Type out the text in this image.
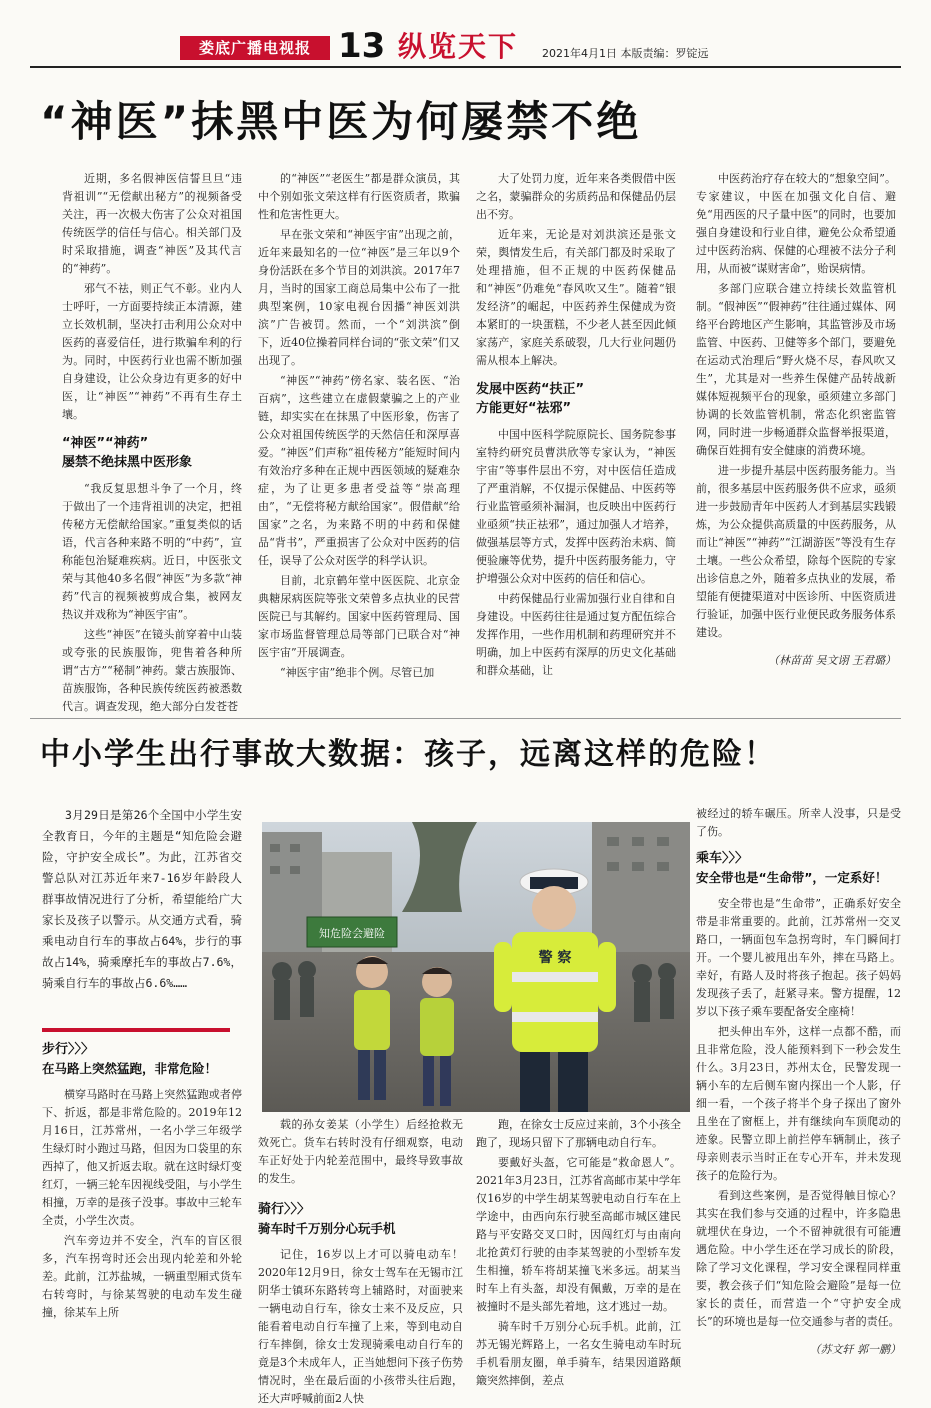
娄底广播电视报 13 纵览天下 2021年4月1日 本版责编：罗锭远
“神医”抹黑中医为何屡禁不绝

近期，多名假神医信誓旦旦“违背祖训”“无偿献出秘方”的视频备受关注，再一次极大伤害了公众对祖国传统医学的信任与信心。相关部门及时采取措施，调查“神医”及其代言的“神药”。

邪气不祛，则正气不彰。业内人士呼吁，一方面要持续正本清源，建立长效机制，坚决打击利用公众对中医药的喜爱信任，进行欺骗牟利的行为。同时，中医药行业也需不断加强自身建设，让公众身边有更多的好中医，让“神医”“神药”不再有生存土壤。

“神医”“神药”
屡禁不绝抹黑中医形象

“我反复思想斗争了一个月，终于做出了一个违背祖训的决定，把祖传秘方无偿献给国家。”重复类似的话语，代言各种来路不明的“中药”，宣称能包治疑难疾病。近日，中医张文荣与其他40多名假“神医”为多款“神药”代言的视频被剪成合集，被网友热议并戏称为“神医宇宙”。

这些“神医”在镜头前穿着中山装或夸张的民族服饰，兜售着各种所谓“古方”“秘制”神药。蒙古族服饰、苗族服饰，各种民族传统医药被悉数代言。调查发现，绝大部分白发苍苍

的“神医”“老医生”都是群众演员，其中个别如张文荣这样有行医资质者，欺骗性和危害性更大。

早在张文荣和“神医宇宙”出现之前，近年来最知名的一位“神医”是三年以9个身份活跃在多个节目的刘洪滨。2017年7月，当时的国家工商总局集中公布了一批典型案例，10家电视台因播“神医刘洪滨”广告被罚。然而，一个“刘洪滨”倒下，近40位操着同样台词的“张文荣”们又出现了。

“神医”“神药”傍名家、装名医、“治百病”，这些建立在虚假蒙骗之上的产业链，却实实在在抹黑了中医形象，伤害了公众对祖国传统医学的天然信任和深厚喜爱。“神医”们声称“祖传秘方”能短时间内有效治疗多种在正规中西医领域的疑难杂症，为了让更多患者受益等“崇高理由”，“无偿将秘方献给国家”。假借献“给国家”之名，为来路不明的中药和保健品“背书”，严重损害了公众对中医药的信任，误导了公众对医学的科学认识。

目前，北京鹤年堂中医医院、北京金典糖尿病医院等张文荣曾多点执业的民营医院已与其解约。国家中医药管理局、国家市场监督管理总局等部门已联合对“神医宇宙”开展调查。

“神医宇宙”绝非个例。尽管已加

大了处罚力度，近年来各类假借中医之名，蒙骗群众的劣质药品和保健品仍层出不穷。

近年来，无论是对刘洪滨还是张文荣，舆情发生后，有关部门都及时采取了处理措施，但不正规的中医药保健品和“神医”仍难免“春风吹又生”。随着“银发经济”的崛起，中医药养生保健成为资本紧盯的一块蛋糕，不少老人甚至因此倾家荡产，家庭关系破裂，几大行业问题仍需从根本上解决。

发展中医药“扶正”
方能更好“祛邪”

中国中医科学院原院长、国务院参事室特约研究员曹洪欣等专家认为，“神医宇宙”等事件层出不穷，对中医信任造成了严重消解，不仅提示保健品、中医药等行业监管亟须补漏洞，也反映出中医药行业亟须“扶正祛邪”，通过加强人才培养，做强基层等方式，发挥中医药治未病、简便验廉等优势，提升中医药服务能力，守护增强公众对中医药的信任和信心。

中药保健品行业需加强行业自律和自身建设。中医药往往是通过复方配伍综合发挥作用，一些作用机制和药理研究并不明确，加上中医药有深厚的历史文化基础和群众基础，让

中医药治疗存在较大的“想象空间”。专家建议，中医在加强文化自信、避免“用西医的尺子量中医”的同时，也要加强自身建设和行业自律，避免公众希望通过中医药治病、保健的心理被不法分子利用，从而被“谋财害命”，贻误病情。

多部门应联合建立持续长效监管机制。“假神医”“假神药”往往通过媒体、网络平台跨地区产生影响，其监管涉及市场监管、中医药、卫健等多个部门，要避免在运动式治理后“野火烧不尽，春风吹又生”，尤其是对一些养生保健产品转战新媒体短视频平台的现象，亟须建立多部门协调的长效监管机制，常态化织密监管网，同时进一步畅通群众监督举报渠道，确保百姓拥有安全健康的消费环境。

进一步提升基层中医药服务能力。当前，很多基层中医药服务供不应求，亟须进一步鼓励青年中医药人才到基层实践锻炼，为公众提供高质量的中医药服务，从而让“神医”“神药”“江湖游医”等没有生存土壤。一些公众希望，除每个医院的专家出诊信息之外，随着多点执业的发展，希望能有便捷渠道对中医诊所、中医资质进行验证，加强中医行业便民政务服务体系建设。

（林苗苗 吴文诩 王君璐）
中小学生出行事故大数据：孩子，远离这样的危险！
3月29日是第26个全国中小学生安全教育日，今年的主题是“知危险会避险，守护安全成长”。为此，江苏省交警总队对江苏近年来7-16岁年龄段人群事故情况进行了分析，希望能给广大家长及孩子以警示。从交通方式看，骑乘电动自行车的事故占64%，步行的事故占14%，骑乘摩托车的事故占7.6%，骑乘自行车的事故占6.6%……
知危险会避险
警 察
步行〉〉〉
在马路上突然猛跑，非常危险！

横穿马路时在马路上突然猛跑或者停下、折返，都是非常危险的。2019年12月16日，江苏常州，一名小学三年级学生绿灯时小跑过马路，但因为口袋里的东西掉了，他又折返去取。就在这时绿灯变红灯，一辆三轮车因视线受阻，与小学生相撞，万幸的是孩子没事。事故中三轮车全责，小学生次责。

汽车旁边并不安全，汽车的盲区很多，汽车拐弯时还会出现内轮差和外轮差。此前，江苏盐城，一辆重型厢式货车右转弯时，与徐某驾驶的电动车发生碰撞，徐某车上所

载的孙女姜某（小学生）后经抢救无效死亡。货车右转时没有仔细观察，电动车正好处于内轮差范围中，最终导致事故的发生。

骑行〉〉〉
骑车时千万别分心玩手机

记住，16岁以上才可以骑电动车！2020年12月9日，徐女士驾车在无锡市江阴华士镇环东路转弯上辅路时，对面驶来一辆电动自行车，徐女士来不及反应，只能看着电动自行车撞了上来，等到电动自行车摔倒，徐女士发现骑乘电动自行车的竟是3个未成年人，正当她想问下孩子伤势情况时，坐在最后面的小孩带头往后跑，还大声呼喊前面2人快

跑，在徐女士反应过来前，3个小孩全跑了，现场只留下了那辆电动自行车。

要戴好头盔，它可能是“救命恩人”。2021年3月23日，江苏省高邮市某中学年仅16岁的中学生胡某驾驶电动自行车在上学途中，由西向东行驶至高邮市城区建民路与平安路交叉口时，因闯红灯与由南向北抢黄灯行驶的由李某驾驶的小型轿车发生相撞，轿车将胡某撞飞米多远。胡某当时车上有头盔，却没有佩戴，万幸的是在被撞时不是头部先着地，这才逃过一劫。

骑车时千万别分心玩手机。此前，江苏无锡光辉路上，一名女生骑电动车时玩手机看朋友圈，单手骑车，结果因道路颠簸突然摔倒，差点

被经过的轿车碾压。所幸人没事，只是受了伤。
乘车〉〉〉
安全带也是“生命带”，一定系好！

安全带也是“生命带”，正确系好安全带是非常重要的。此前，江苏常州一交叉路口，一辆面包车急拐弯时，车门瞬间打开。一个婴儿被甩出车外，摔在马路上。幸好，有路人及时将孩子抱起。孩子妈妈发现孩子丢了，赶紧寻来。警方提醒，12岁以下孩子乘车要配备安全座椅！

把头伸出车外，这样一点都不酷，而且非常危险，没人能预料到下一秒会发生什么。3月23日，苏州太仓，民警发现一辆小车的左后侧车窗内探出一个人影，仔细一看，一个孩子将半个身子探出了窗外且坐在了窗框上，并有继续向车顶爬动的迹象。民警立即上前拦停车辆制止，孩子母亲则表示当时正在专心开车，并未发现孩子的危险行为。

看到这些案例，是否觉得触目惊心？其实在我们参与交通的过程中，许多隐患就埋伏在身边，一个不留神就很有可能遭遇危险。中小学生还在学习成长的阶段，除了学习文化课程，学习安全课程同样重要，教会孩子们“知危险会避险”是每一位家长的责任，而营造一个“守护安全成长”的环境也是每一位交通参与者的责任。

（苏文轩 郭一鹏）
